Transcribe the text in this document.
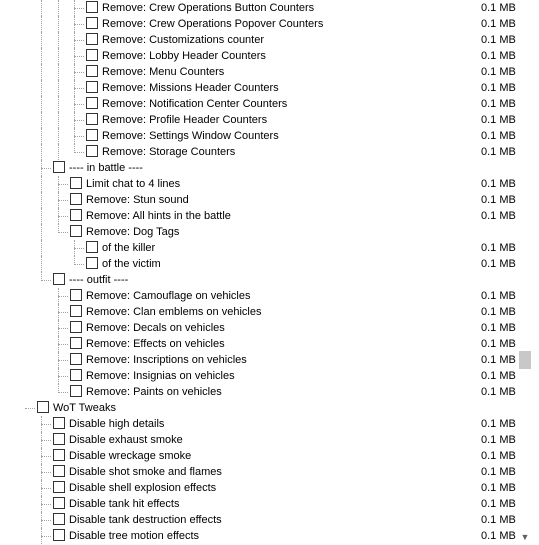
Remove: Crew Operations Button Counters	0.1 MB
Remove: Crew Operations Popover Counters	0.1 MB
Remove: Customizations counter	0.1 MB
Remove: Lobby Header Counters	0.1 MB
Remove: Menu Counters	0.1 MB
Remove: Missions Header Counters	0.1 MB
Remove: Notification Center Counters	0.1 MB
Remove: Profile Header Counters	0.1 MB
Remove: Settings Window Counters	0.1 MB
Remove: Storage Counters	0.1 MB
---- in battle ----
Limit chat to 4 lines	0.1 MB
Remove: Stun sound	0.1 MB
Remove: All hints in the battle	0.1 MB
Remove: Dog Tags
of the killer	0.1 MB
of the victim	0.1 MB
---- outfit ----
Remove: Camouflage on vehicles	0.1 MB
Remove: Clan emblems on vehicles	0.1 MB
Remove: Decals on vehicles	0.1 MB
Remove: Effects on vehicles	0.1 MB
Remove: Inscriptions on vehicles	0.1 MB
Remove: Insignias on vehicles	0.1 MB
Remove: Paints on vehicles	0.1 MB
WoT Tweaks
Disable high details	0.1 MB
Disable exhaust smoke	0.1 MB
Disable wreckage smoke	0.1 MB
Disable shot smoke and flames	0.1 MB
Disable shell explosion effects	0.1 MB
Disable tank hit effects	0.1 MB
Disable tank destruction effects	0.1 MB
Disable tree motion effects	0.1 MB ▼
